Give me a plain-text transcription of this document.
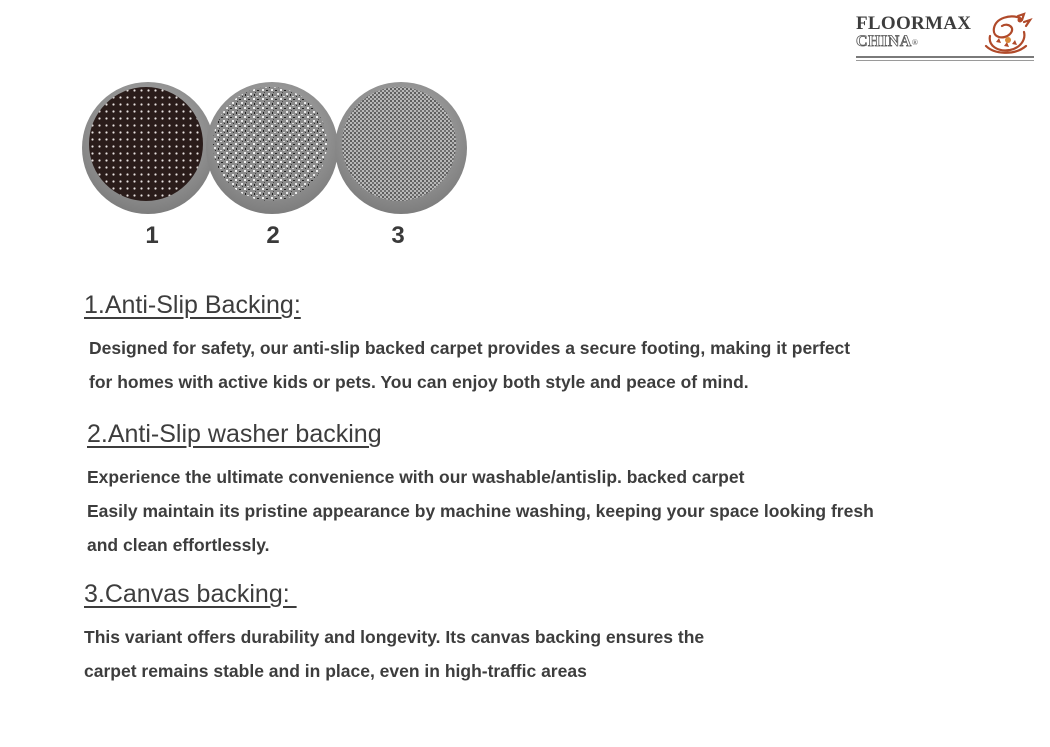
FLOORMAX
CHINA®
1	2	3
1.Anti-Slip Backing:
Designed for safety, our anti-slip backed carpet provides a secure footing, making it perfect
for homes with active kids or pets. You can enjoy both style and peace of mind.
2.Anti-Slip washer backing
Experience the ultimate convenience with our washable/antislip. backed carpet
Easily maintain its pristine appearance by machine washing, keeping your space looking fresh
and clean effortlessly.
3.Canvas backing:
This variant offers durability and longevity. Its canvas backing ensures the
carpet remains stable and in place, even in high-traffic areas
